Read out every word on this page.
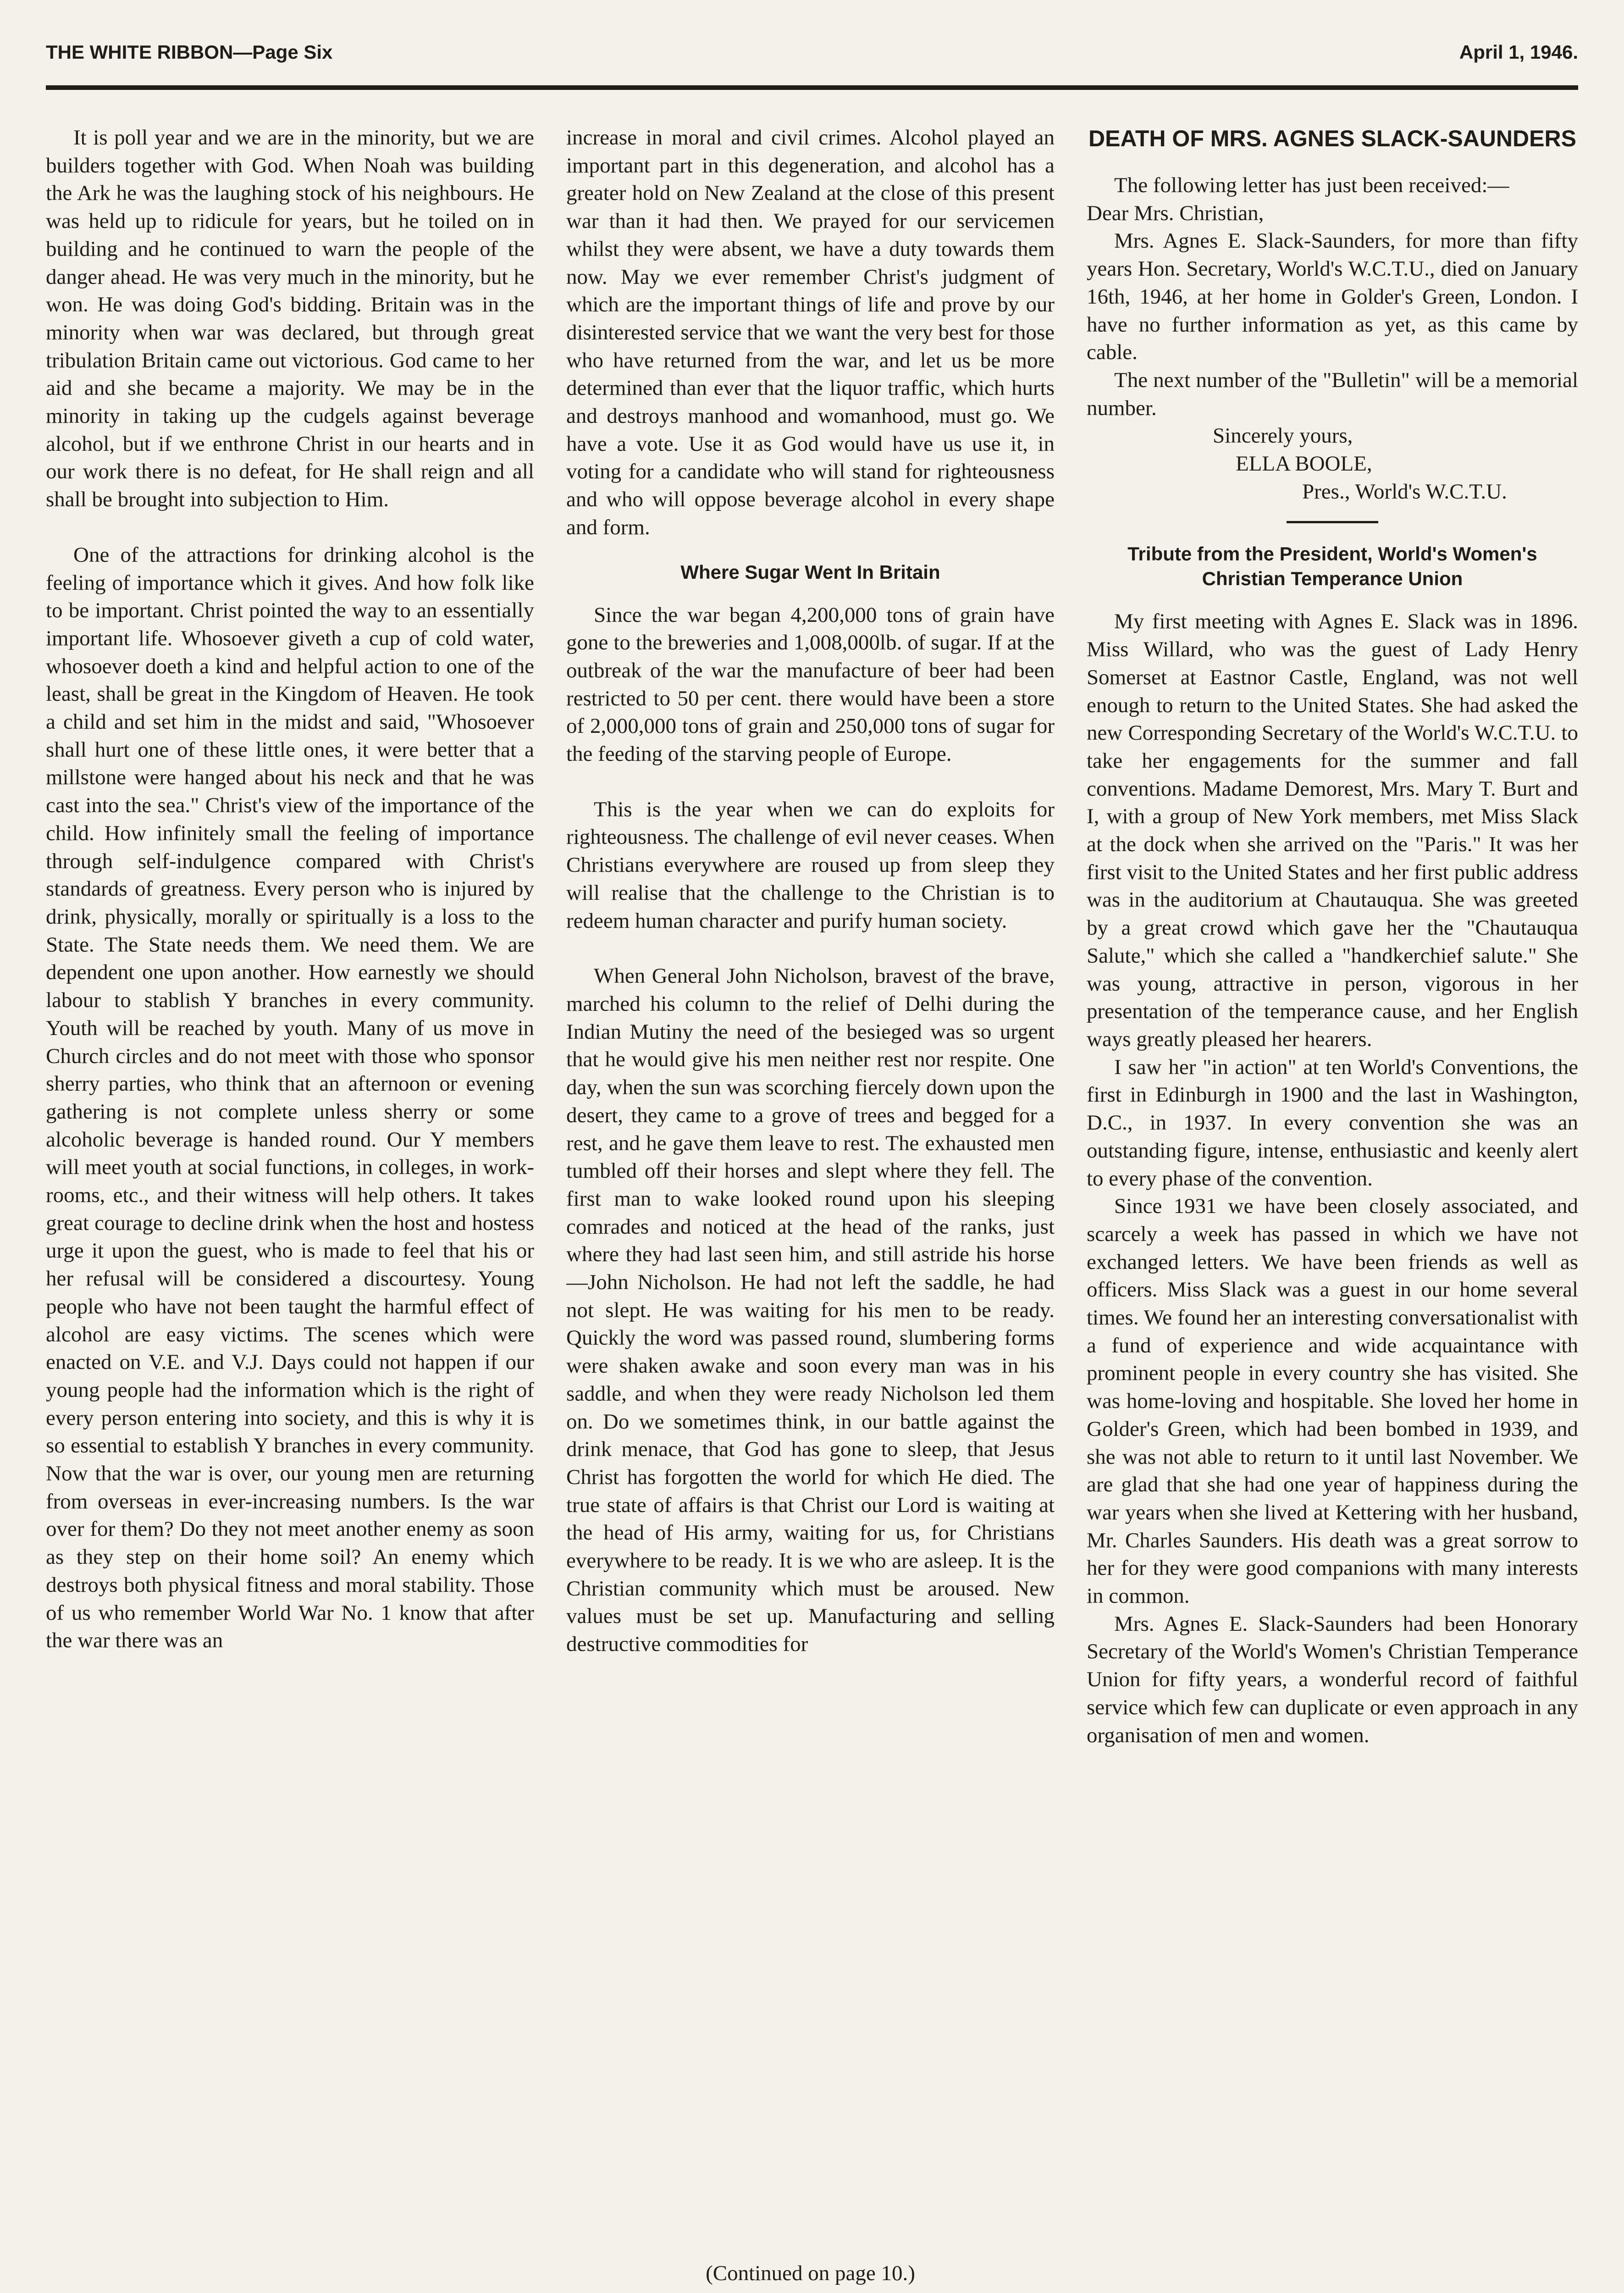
THE WHITE RIBBON—Page Six	April 1, 1946.

It is poll year and we are in the minority, but we are builders together with God. When Noah was building the Ark he was the laughing stock of his neighbours. He was held up to ridicule for years, but he toiled on in building and he continued to warn the people of the danger ahead. He was very much in the minority, but he won. He was doing God's bidding. Britain was in the minority when war was declared, but through great tribulation Britain came out victorious. God came to her aid and she became a majority. We may be in the minority in taking up the cudgels against beverage alcohol, but if we enthrone Christ in our hearts and in our work there is no defeat, for He shall reign and all shall be brought into subjection to Him.

One of the attractions for drinking alcohol is the feeling of importance which it gives. And how folk like to be important. Christ pointed the way to an essentially important life. Whosoever giveth a cup of cold water, whosoever doeth a kind and helpful action to one of the least, shall be great in the Kingdom of Heaven. He took a child and set him in the midst and said, "Whosoever shall hurt one of these little ones, it were better that a millstone were hanged about his neck and that he was cast into the sea." Christ's view of the importance of the child. How infinitely small the feeling of importance through self-indulgence compared with Christ's standards of greatness. Every person who is injured by drink, physically, morally or spiritually is a loss to the State. The State needs them. We need them. We are dependent one upon another. How earnestly we should labour to stablish Y branches in every community. Youth will be reached by youth. Many of us move in Church circles and do not meet with those who sponsor sherry parties, who think that an afternoon or evening gathering is not complete unless sherry or some alcoholic beverage is handed round. Our Y members will meet youth at social functions, in colleges, in work-rooms, etc., and their witness will help others. It takes great courage to decline drink when the host and hostess urge it upon the guest, who is made to feel that his or her refusal will be considered a discourtesy. Young people who have not been taught the harmful effect of alcohol are easy victims. The scenes which were enacted on V.E. and V.J. Days could not happen if our young people had the information which is the right of every person entering into society, and this is why it is so essential to establish Y branches in every community. Now that the war is over, our young men are returning from overseas in ever-increasing numbers. Is the war over for them? Do they not meet another enemy as soon as they step on their home soil? An enemy which destroys both physical fitness and moral stability. Those of us who remember World War No. 1 know that after the war there was an

increase in moral and civil crimes. Alcohol played an important part in this degeneration, and alcohol has a greater hold on New Zealand at the close of this present war than it had then. We prayed for our servicemen whilst they were absent, we have a duty towards them now. May we ever remember Christ's judgment of which are the important things of life and prove by our disinterested service that we want the very best for those who have returned from the war, and let us be more determined than ever that the liquor traffic, which hurts and destroys manhood and womanhood, must go. We have a vote. Use it as God would have us use it, in voting for a candidate who will stand for righteousness and who will oppose beverage alcohol in every shape and form.

Where Sugar Went In Britain

Since the war began 4,200,000 tons of grain have gone to the breweries and 1,008,000lb. of sugar. If at the outbreak of the war the manufacture of beer had been restricted to 50 per cent. there would have been a store of 2,000,000 tons of grain and 250,000 tons of sugar for the feeding of the starving people of Europe.

This is the year when we can do exploits for righteousness. The challenge of evil never ceases. When Christians everywhere are roused up from sleep they will realise that the challenge to the Christian is to redeem human character and purify human society.

When General John Nicholson, bravest of the brave, marched his column to the relief of Delhi during the Indian Mutiny the need of the besieged was so urgent that he would give his men neither rest nor respite. One day, when the sun was scorching fiercely down upon the desert, they came to a grove of trees and begged for a rest, and he gave them leave to rest. The exhausted men tumbled off their horses and slept where they fell. The first man to wake looked round upon his sleeping comrades and noticed at the head of the ranks, just where they had last seen him, and still astride his horse—John Nicholson. He had not left the saddle, he had not slept. He was waiting for his men to be ready. Quickly the word was passed round, slumbering forms were shaken awake and soon every man was in his saddle, and when they were ready Nicholson led them on. Do we sometimes think, in our battle against the drink menace, that God has gone to sleep, that Jesus Christ has forgotten the world for which He died. The true state of affairs is that Christ our Lord is waiting at the head of His army, waiting for us, for Christians everywhere to be ready. It is we who are asleep. It is the Christian community which must be aroused. New values must be set up. Manufacturing and selling destructive commodities for

(Continued on page 10.)
DEATH OF MRS. AGNES SLACK-SAUNDERS

The following letter has just been received:—

Dear Mrs. Christian,

Mrs. Agnes E. Slack-Saunders, for more than fifty years Hon. Secretary, World's W.C.T.U., died on January 16th, 1946, at her home in Golder's Green, London. I have no further information as yet, as this came by cable.

The next number of the "Bulletin" will be a memorial number.

Sincerely yours,

ELLA BOOLE,

Pres., World's W.C.T.U.

Tribute from the President, World's Women's Christian Temperance Union

My first meeting with Agnes E. Slack was in 1896. Miss Willard, who was the guest of Lady Henry Somerset at Eastnor Castle, England, was not well enough to return to the United States. She had asked the new Corresponding Secretary of the World's W.C.T.U. to take her engagements for the summer and fall conventions. Madame Demorest, Mrs. Mary T. Burt and I, with a group of New York members, met Miss Slack at the dock when she arrived on the "Paris." It was her first visit to the United States and her first public address was in the auditorium at Chautauqua. She was greeted by a great crowd which gave her the "Chautauqua Salute," which she called a "handkerchief salute." She was young, attractive in person, vigorous in her presentation of the temperance cause, and her English ways greatly pleased her hearers.

I saw her "in action" at ten World's Conventions, the first in Edinburgh in 1900 and the last in Washington, D.C., in 1937. In every convention she was an outstanding figure, intense, enthusiastic and keenly alert to every phase of the convention.

Since 1931 we have been closely associated, and scarcely a week has passed in which we have not exchanged letters. We have been friends as well as officers. Miss Slack was a guest in our home several times. We found her an interesting conversationalist with a fund of experience and wide acquaintance with prominent people in every country she has visited. She was home-loving and hospitable. She loved her home in Golder's Green, which had been bombed in 1939, and she was not able to return to it until last November. We are glad that she had one year of happiness during the war years when she lived at Kettering with her husband, Mr. Charles Saunders. His death was a great sorrow to her for they were good companions with many interests in common.

Mrs. Agnes E. Slack-Saunders had been Honorary Secretary of the World's Women's Christian Temperance Union for fifty years, a wonderful record of faithful service which few can duplicate or even approach in any organisation of men and women.
